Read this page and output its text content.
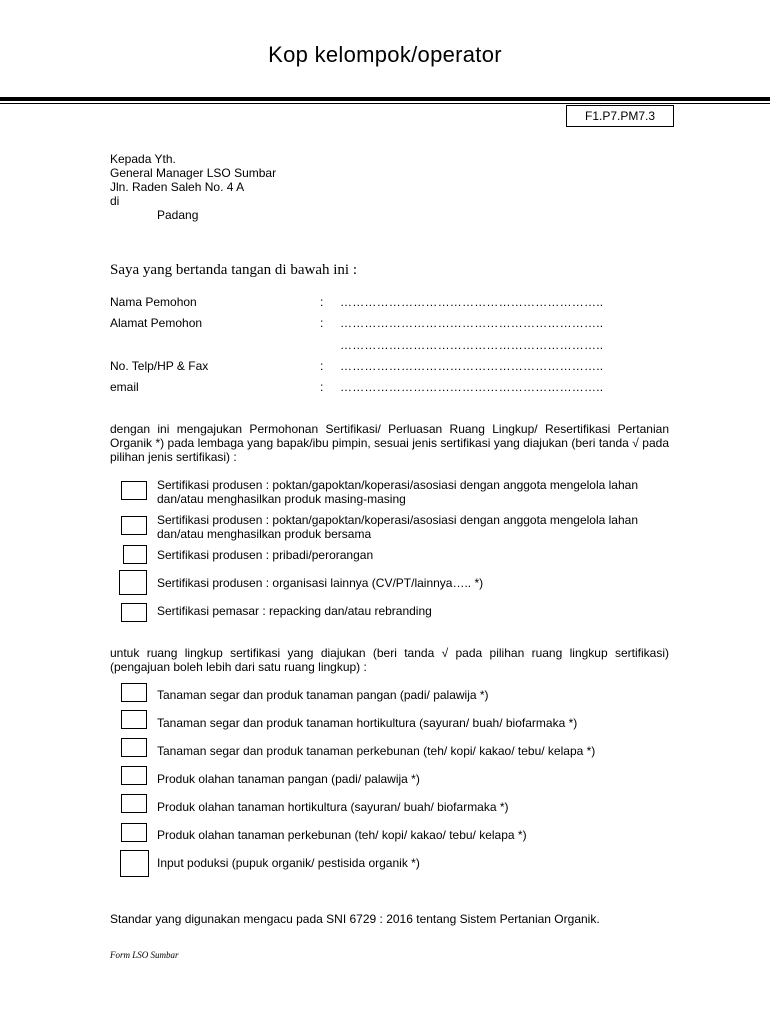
Kop kelompok/operator
F1.P7.PM7.3
Kepada Yth.
General Manager LSO Sumbar
Jln. Raden Saleh No. 4 A
di
Padang
Saya yang bertanda tangan di bawah ini :
Nama Pemohon	: ………………………………………………………..
Alamat Pemohon	: ………………………………………………………..
………………………………………………………..
No. Telp/HP & Fax	: ………………………………………………………..
email	: ………………………………………………………..
dengan ini mengajukan Permohonan Sertifikasi/ Perluasan Ruang Lingkup/ Resertifikasi Pertanian Organik *) pada lembaga yang bapak/ibu pimpin, sesuai jenis sertifikasi yang diajukan (beri tanda √ pada pilihan jenis sertifikasi) :
Sertifikasi produsen : poktan/gapoktan/koperasi/asosiasi dengan anggota mengelola lahan dan/atau menghasilkan produk masing-masing
Sertifikasi produsen : poktan/gapoktan/koperasi/asosiasi dengan anggota mengelola lahan dan/atau menghasilkan produk bersama
Sertifikasi produsen : pribadi/perorangan
Sertifikasi produsen : organisasi lainnya (CV/PT/lainnya….. *)
Sertifikasi pemasar : repacking dan/atau rebranding
untuk ruang lingkup sertifikasi yang diajukan (beri tanda √ pada pilihan ruang lingkup sertifikasi) (pengajuan boleh lebih dari satu ruang lingkup) :
Tanaman segar dan produk tanaman pangan (padi/ palawija *)
Tanaman segar dan produk tanaman hortikultura (sayuran/ buah/ biofarmaka *)
Tanaman segar dan produk tanaman perkebunan (teh/ kopi/ kakao/ tebu/ kelapa *)
Produk olahan tanaman pangan (padi/ palawija *)
Produk olahan tanaman hortikultura (sayuran/ buah/ biofarmaka *)
Produk olahan tanaman perkebunan (teh/ kopi/ kakao/ tebu/ kelapa *)
Input poduksi (pupuk organik/ pestisida organik *)
Standar yang digunakan mengacu pada SNI 6729 : 2016 tentang Sistem Pertanian Organik.
Form LSO Sumbar
